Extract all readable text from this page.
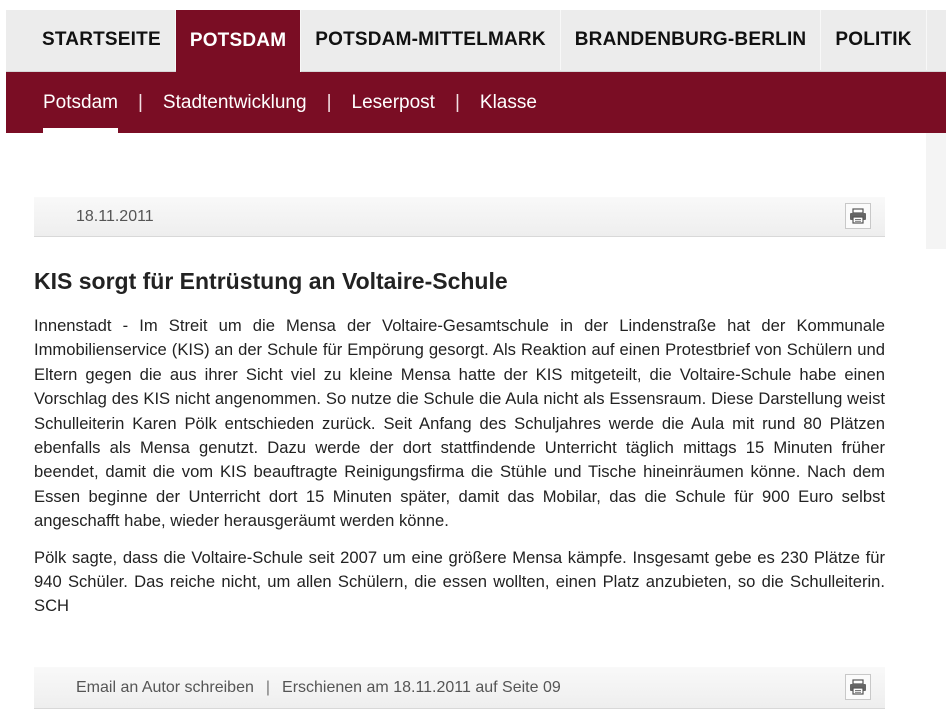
STARTSEITE	POTSDAM	POTSDAM-MITTELMARK	BRANDENBURG-BERLIN	POLITIK
Potsdam	|	Stadtentwicklung	|	Leserpost	|	Klasse
18.11.2011
KIS sorgt für Entrüstung an Voltaire-Schule

Innenstadt - Im Streit um die Mensa der Voltaire-Gesamtschule in der Lindenstraße hat der Kommunale Immobilienservice (KIS) an der Schule für Empörung gesorgt. Als Reaktion auf einen Protestbrief von Schülern und Eltern gegen die aus ihrer Sicht viel zu kleine Mensa hatte der KIS mitgeteilt, die Voltaire-Schule habe einen Vorschlag des KIS nicht angenommen. So nutze die Schule die Aula nicht als Essensraum. Diese Darstellung weist Schulleiterin Karen Pölk entschieden zurück. Seit Anfang des Schuljahres werde die Aula mit rund 80 Plätzen ebenfalls als Mensa genutzt. Dazu werde der dort stattfindende Unterricht täglich mittags 15 Minuten früher beendet, damit die vom KIS beauftragte Reinigungsfirma die Stühle und Tische hineinräumen könne. Nach dem Essen beginne der Unterricht dort 15 Minuten später, damit das Mobilar, das die Schule für 900 Euro selbst angeschafft habe, wieder herausgeräumt werden könne.

Pölk sagte, dass die Voltaire-Schule seit 2007 um eine größere Mensa kämpfe. Insgesamt gebe es 230 Plätze für 940 Schüler. Das reiche nicht, um allen Schülern, die essen wollten, einen Platz anzubieten, so die Schulleiterin. SCH

Email an Autor schreiben | Erschienen am 18.11.2011 auf Seite 09
